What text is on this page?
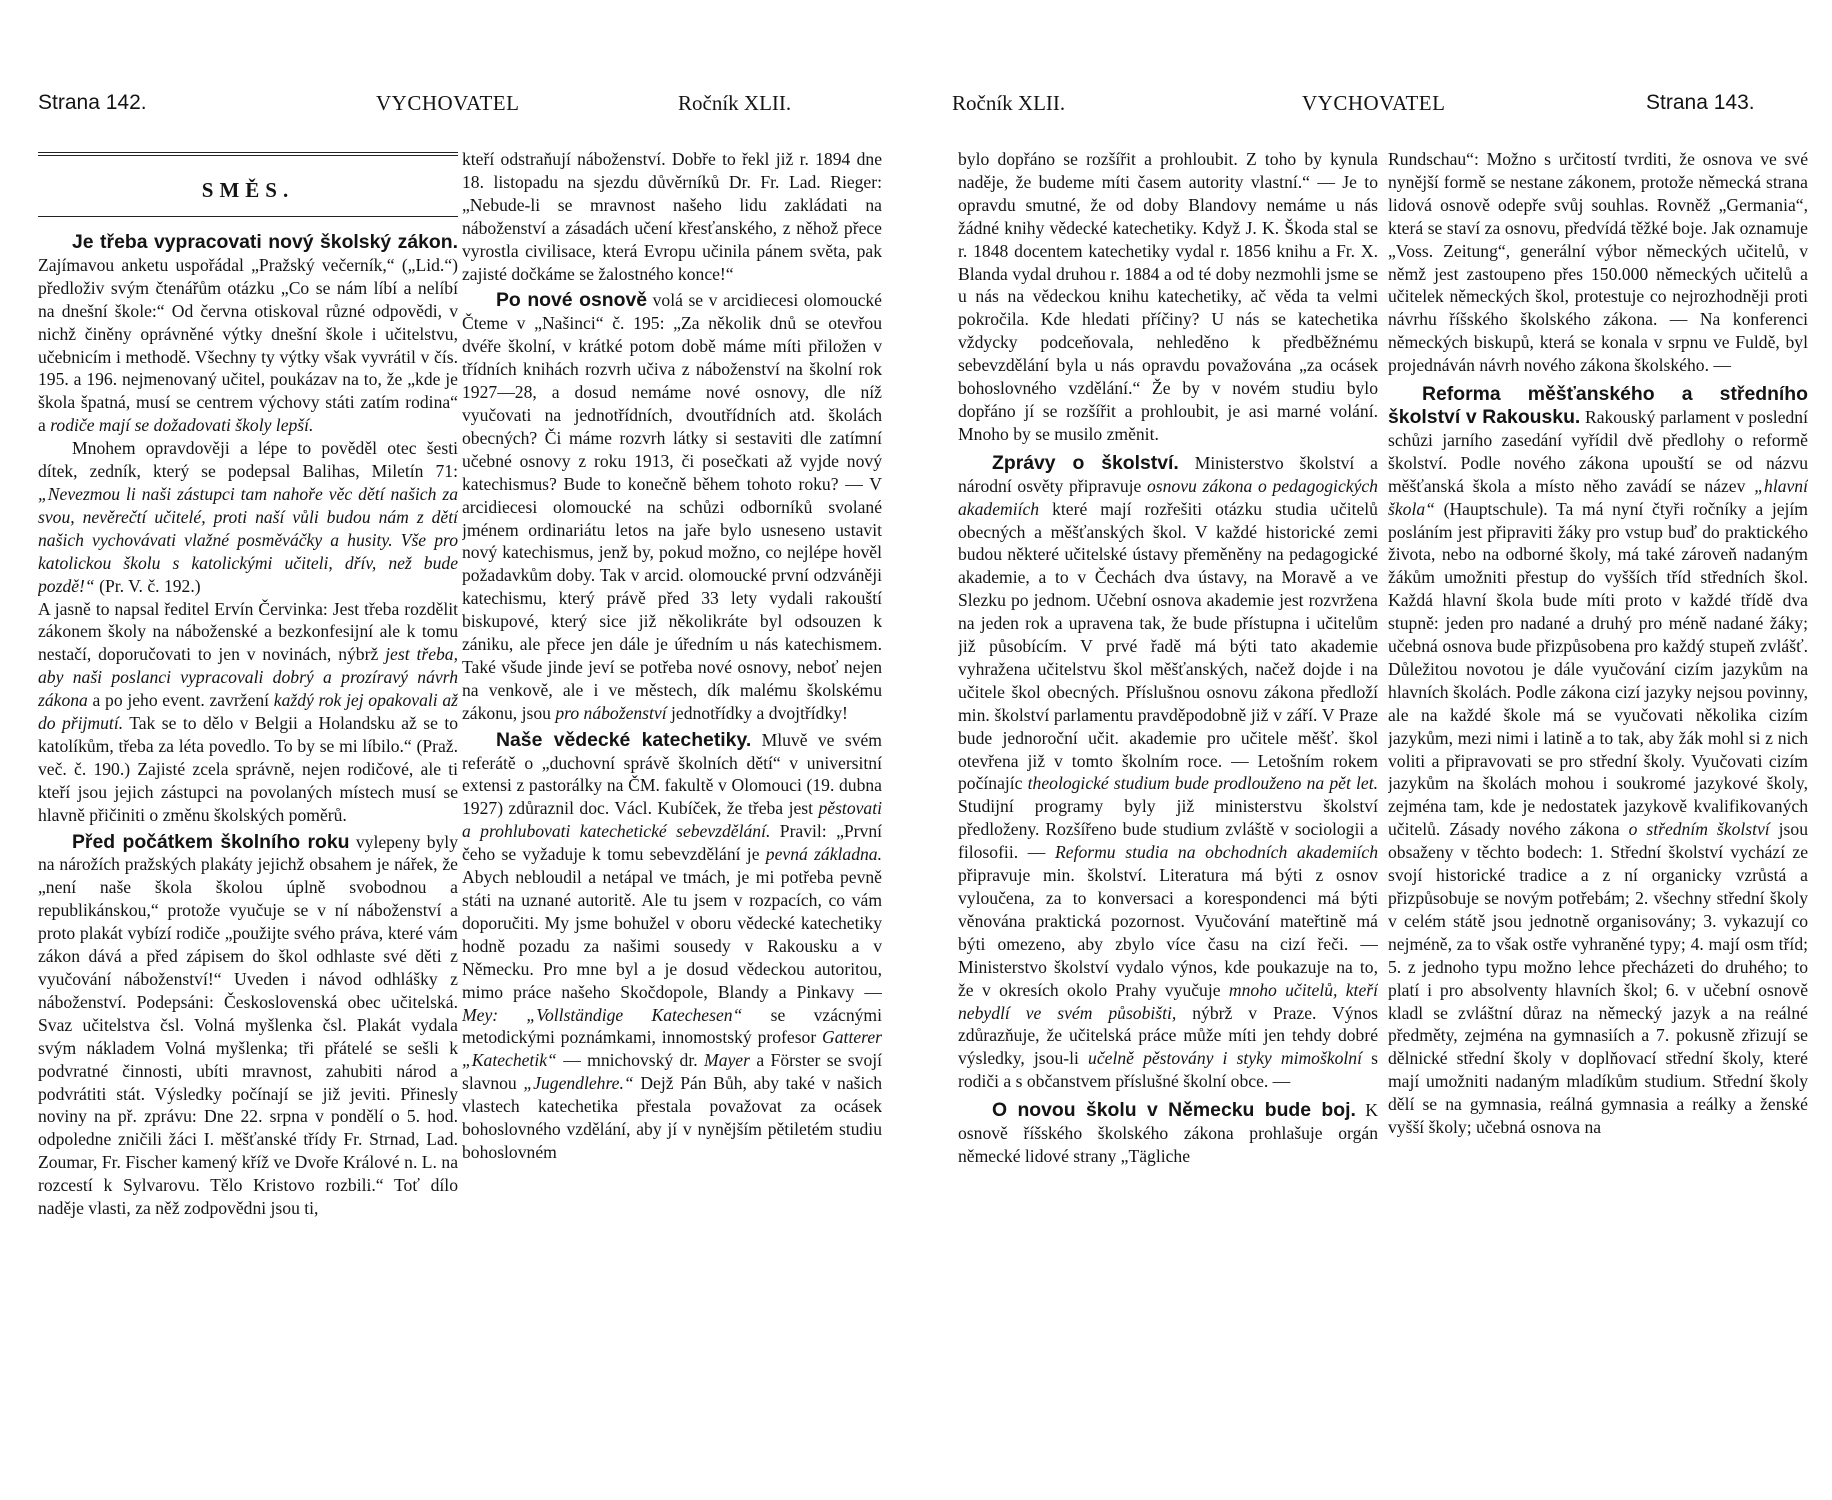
Strana 142.	VYCHOVATEL	Ročník XLII.
SMĚS.

Je třeba vypracovati nový školský zákon. Zajímavou anketu uspořádal „Pražský večerník,“ („Lid.“) předloživ svým čtenářům otázku „Co se nám líbí a nelíbí na dnešní škole:“ Od června otiskoval různé odpovědi, v nichž činěny oprávněné výtky dnešní škole i učitelstvu, učebnicím i methodě. Všechny ty výtky však vyvrátil v čís. 195. a 196. nejmenovaný učitel, poukázav na to, že „kde je škola špatná, musí se centrem výchovy státi zatím rodina“ a rodiče mají se dožadovati školy lepší.

Mnohem opravdověji a lépe to pověděl otec šesti dítek, zedník, který se podepsal Balihas, Miletín 71: „Nevezmou li naši zástupci tam nahoře věc dětí našich za svou, nevěrečtí učitelé, proti naší vůli budou nám z dětí našich vychovávati vlažné posměváčky a husity. Vše pro katolickou školu s katolickými učiteli, dřív, než bude pozdě!“ (Pr. V. č. 192.)

A jasně to napsal ředitel Ervín Červinka: Jest třeba rozdělit zákonem školy na náboženské a bezkonfesijní ale k tomu nestačí, doporučovati to jen v novinách, nýbrž jest třeba, aby naši poslanci vypracovali dobrý a prozíravý návrh zákona a po jeho event. zavržení každý rok jej opakovali až do přijmutí. Tak se to dělo v Belgii a Holandsku až se to katolíkům, třeba za léta povedlo. To by se mi líbilo.“ (Praž. več. č. 190.) Zajisté zcela správně, nejen rodičové, ale ti kteří jsou jejich zástupci na povolaných místech musí se hlavně přičiniti o změnu školských poměrů.

Před počátkem školního roku vylepeny byly na nárožích pražských plakáty jejichž obsahem je nářek, že „není naše škola školou úplně svobodnou a republikánskou,“ protože vyučuje se v ní náboženství a proto plakát vybízí rodiče „použijte svého práva, které vám zákon dává a před zápisem do škol odhlaste své děti z vyučování náboženství!“ Uveden i návod odhlášky z náboženství. Podepsáni: Československá obec učitelská. Svaz učitelstva čsl. Volná myšlenka čsl. Plakát vydala svým nákladem Volná myšlenka; tři přátelé se sešli k podvratné činnosti, ubíti mravnost, zahubiti národ a podvrátiti stát. Výsledky počínají se již jeviti. Přinesly noviny na př. zprávu: Dne 22. srpna v pondělí o 5. hod. odpoledne zničili žáci I. měšťanské třídy Fr. Strnad, Lad. Zoumar, Fr. Fischer kamený kříž ve Dvoře Králové n. L. na rozcestí k Sylvarovu. Tělo Kristovo rozbili.“ Toť dílo naděje vlasti, za něž zodpovědni jsou ti,

kteří odstraňují náboženství. Dobře to řekl již r. 1894 dne 18. listopadu na sjezdu důvěrníků Dr. Fr. Lad. Rieger: „Nebude-li se mravnost našeho lidu zakládati na náboženství a zásadách učení křesťanského, z něhož přece vyrostla civilisace, která Evropu učinila pánem světa, pak zajisté dočkáme se žalostného konce!“

Po nové osnově volá se v arcidiecesi olomoucké Čteme v „Našinci“ č. 195: „Za několik dnů se otevřou dvéře školní, v krátké potom době máme míti přiložen v třídních knihách rozvrh učiva z náboženství na školní rok 1927—28, a dosud nemáme nové osnovy, dle níž vyučovati na jednotřídních, dvoutřídních atd. školách obecných? Či máme rozvrh látky si sestaviti dle zatímní učebné osnovy z roku 1913, či posečkati až vyjde nový katechismus? Bude to konečně během tohoto roku? — V arcidiecesi olomoucké na schůzi odborníků svolané jménem ordinariátu letos na jaře bylo usneseno ustavit nový katechismus, jenž by, pokud možno, co nejlépe hověl požadavkům doby. Tak v arcid. olomoucké první odzváněji katechismu, který právě před 33 lety vydali rakouští biskupové, který sice již několikráte byl odsouzen k zániku, ale přece jen dále je úředním u nás katechismem. Také všude jinde jeví se potřeba nové osnovy, neboť nejen na venkově, ale i ve městech, dík malému školskému zákonu, jsou pro náboženství jednotřídky a dvojtřídky!

Naše vědecké katechetiky. Mluvě ve svém referátě o „duchovní správě školních dětí“ v universitní extensi z pastorálky na ČM. fakultě v Olomouci (19. dubna 1927) zdůraznil doc. Václ. Kubíček, že třeba jest pěstovati a prohlubovati katechetické sebevzdělání. Pravil: „První čeho se vyžaduje k tomu sebevzdělání je pevná základna. Abych nebloudil a netápal ve tmách, je mi potřeba pevně státi na uznané autoritě. Ale tu jsem v rozpacích, co vám doporučiti. My jsme bohužel v oboru vědecké katechetiky hodně pozadu za našimi sousedy v Rakousku a v Německu. Pro mne byl a je dosud vědeckou autoritou, mimo práce našeho Skočdopole, Blandy a Pinkavy — Mey: „Vollständige Katechesen“ se vzácnými metodickými poznámkami, innomostský profesor Gatterer „Katechetik“ — mnichovský dr. Mayer a Förster se svojí slavnou „Jugendlehre.“ Dejž Pán Bůh, aby také v našich vlastech katechetika přestala považovat za ocásek bohoslovného vzdělání, aby jí v nynějším pětiletém studiu bohoslovném

Ročník XLII.	VYCHOVATEL	Strana 143.

bylo dopřáno se rozšířit a prohloubit. Z toho by kynula naděje, že budeme míti časem autority vlastní.“ — Je to opravdu smutné, že od doby Blandovy nemáme u nás žádné knihy vědecké katechetiky. Když J. K. Škoda stal se r. 1848 docentem katechetiky vydal r. 1856 knihu a Fr. X. Blanda vydal druhou r. 1884 a od té doby nezmohli jsme se u nás na vědeckou knihu katechetiky, ač věda ta velmi pokročila. Kde hledati příčiny? U nás se katechetika vždycky podceňovala, nehleděno k předběžnému sebevzdělání byla u nás opravdu považována „za ocásek bohoslovného vzdělání.“ Že by v novém studiu bylo dopřáno jí se rozšířit a prohloubit, je asi marné volání. Mnoho by se musilo změnit.

Zprávy o školství. Ministerstvo školství a národní osvěty připravuje osnovu zákona o pedagogických akademiích které mají rozřešiti otázku studia učitelů obecných a měšťanských škol. V každé historické zemi budou některé učitelské ústavy přeměněny na pedagogické akademie, a to v Čechách dva ústavy, na Moravě a ve Slezku po jednom. Učební osnova akademie jest rozvržena na jeden rok a upravena tak, že bude přístupna i učitelům již působícím. V prvé řadě má býti tato akademie vyhražena učitelstvu škol měšťanských, načež dojde i na učitele škol obecných. Příslušnou osnovu zákona předloží min. školství parlamentu pravděpodobně již v září. V Praze bude jednoroční učit. akademie pro učitele měšť. škol otevřena již v tomto školním roce. — Letošním rokem počínajíc theologické studium bude prodlouženo na pět let. Studijní programy byly již ministerstvu školství předloženy. Rozšířeno bude studium zvláště v sociologii a filosofii. — Reformu studia na obchodních akademiích připravuje min. školství. Literatura má býti z osnov vyloučena, za to konversaci a korespondenci má býti věnována praktická pozornost. Vyučování mateřtině má býti omezeno, aby zbylo více času na cizí řeči. — Ministerstvo školství vydalo výnos, kde poukazuje na to, že v okresích okolo Prahy vyučuje mnoho učitelů, kteří nebydlí ve svém působišti, nýbrž v Praze. Výnos zdůrazňuje, že učitelská práce může míti jen tehdy dobré výsledky, jsou-li učelně pěstovány i styky mimoškolní s rodiči a s občanstvem příslušné školní obce. —

O novou školu v Německu bude boj. K osnově říšského školského zákona prohlašuje orgán německé lidové strany „Tägliche

Rundschau“: Možno s určitostí tvrditi, že osnova ve své nynější formě se nestane zákonem, protože německá strana lidová osnově odepře svůj souhlas. Rovněž „Germania“, která se staví za osnovu, předvídá těžké boje. Jak oznamuje „Voss. Zeitung“, generální výbor německých učitelů, v němž jest zastoupeno přes 150.000 německých učitelů a učitelek německých škol, protestuje co nejrozhodněji proti návrhu říšského školského zákona. — Na konferenci německých biskupů, která se konala v srpnu ve Fuldě, byl projednáván návrh nového zákona školského. —

Reforma měšťanského a středního školství v Rakousku. Rakouský parlament v poslední schůzi jarního zasedání vyřídil dvě předlohy o reformě školství. Podle nového zákona upouští se od názvu měšťanská škola a místo něho zavádí se název „hlavní škola“ (Hauptschule). Ta má nyní čtyři ročníky a jejím posláním jest připraviti žáky pro vstup buď do praktického života, nebo na odborné školy, má také zároveň nadaným žákům umožniti přestup do vyšších tříd středních škol. Každá hlavní škola bude míti proto v každé třídě dva stupně: jeden pro nadané a druhý pro méně nadané žáky; učebná osnova bude přizpůsobena pro každý stupeň zvlášť. Důležitou novotou je dále vyučování cizím jazykům na hlavních školách. Podle zákona cizí jazyky nejsou povinny, ale na každé škole má se vyučovati několika cizím jazykům, mezi nimi i latině a to tak, aby žák mohl si z nich voliti a připravovati se pro střední školy. Vyučovati cizím jazykům na školách mohou i soukromé jazykové školy, zejména tam, kde je nedostatek jazykově kvalifikovaných učitelů. Zásady nového zákona o středním školství jsou obsaženy v těchto bodech: 1. Střední školství vychází ze svojí historické tradice a z ní organicky vzrůstá a přizpůsobuje se novým potřebám; 2. všechny střední školy v celém státě jsou jednotně organisovány; 3. vykazují co nejméně, za to však ostře vyhraněné typy; 4. mají osm tříd; 5. z jednoho typu možno lehce přecházeti do druhého; to platí i pro absolventy hlavních škol; 6. v učební osnově kladl se zvláštní důraz na německý jazyk a na reálné předměty, zejména na gymnasiích a 7. pokusně zřizují se dělnické střední školy v doplňovací střední školy, které mají umožniti nadaným mladíkům studium. Střední školy dělí se na gymnasia, reálná gymnasia a reálky a ženské vyšší školy; učebná osnova na
